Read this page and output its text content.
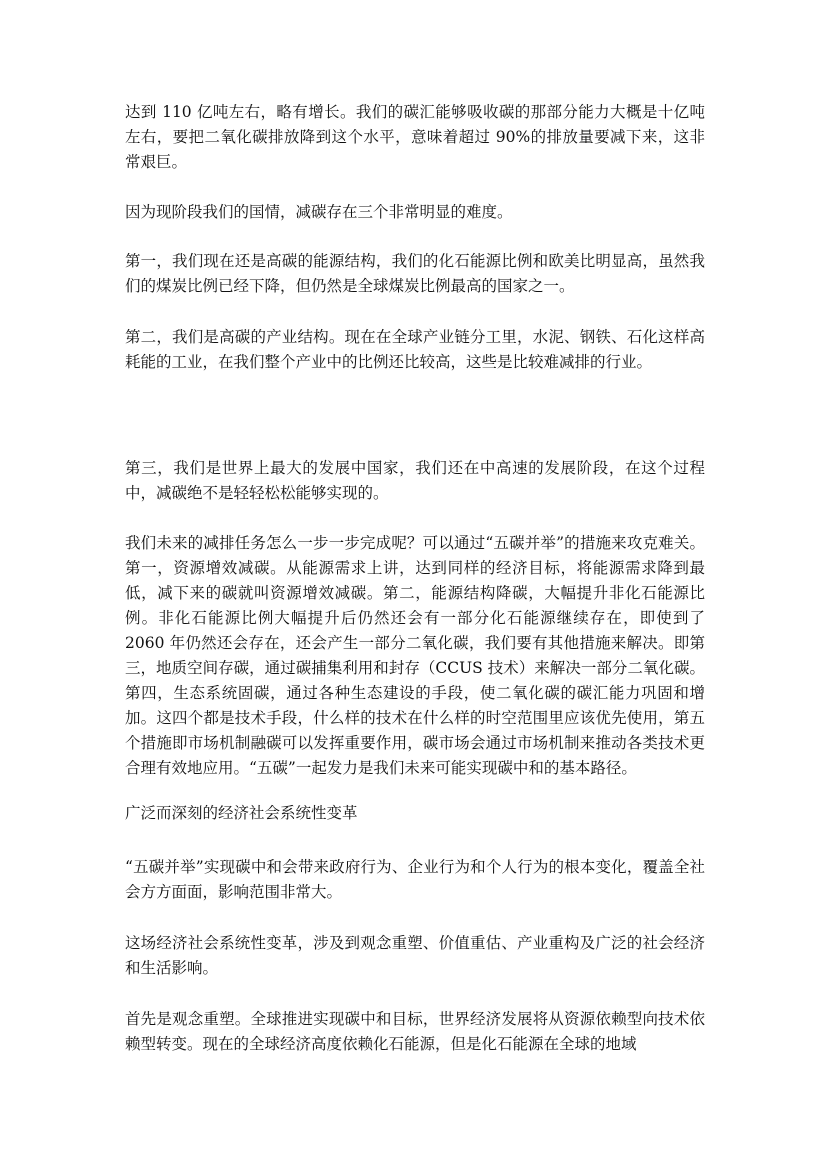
达到 110 亿吨左右，略有增长。我们的碳汇能够吸收碳的那部分能力大概是十亿吨左右，要把二氧化碳排放降到这个水平，意味着超过 90%的排放量要减下来，这非常艰巨。

因为现阶段我们的国情，减碳存在三个非常明显的难度。

第一，我们现在还是高碳的能源结构，我们的化石能源比例和欧美比明显高，虽然我们的煤炭比例已经下降，但仍然是全球煤炭比例最高的国家之一。

第二，我们是高碳的产业结构。现在在全球产业链分工里，水泥、钢铁、石化这样高耗能的工业，在我们整个产业中的比例还比较高，这些是比较难减排的行业。

第三，我们是世界上最大的发展中国家，我们还在中高速的发展阶段，在这个过程中，减碳绝不是轻轻松松能够实现的。

我们未来的减排任务怎么一步一步完成呢？可以通过“五碳并举”的措施来攻克难关。第一，资源增效减碳。从能源需求上讲，达到同样的经济目标，将能源需求降到最低，减下来的碳就叫资源增效减碳。第二，能源结构降碳，大幅提升非化石能源比例。非化石能源比例大幅提升后仍然还会有一部分化石能源继续存在，即使到了 2060 年仍然还会存在，还会产生一部分二氧化碳，我们要有其他措施来解决。即第三，地质空间存碳，通过碳捕集利用和封存（CCUS 技术）来解决一部分二氧化碳。第四，生态系统固碳，通过各种生态建设的手段，使二氧化碳的碳汇能力巩固和增加。这四个都是技术手段，什么样的技术在什么样的时空范围里应该优先使用，第五个措施即市场机制融碳可以发挥重要作用，碳市场会通过市场机制来推动各类技术更合理有效地应用。“五碳”一起发力是我们未来可能实现碳中和的基本路径。

广泛而深刻的经济社会系统性变革

“五碳并举”实现碳中和会带来政府行为、企业行为和个人行为的根本变化，覆盖全社会方方面面，影响范围非常大。

这场经济社会系统性变革，涉及到观念重塑、价值重估、产业重构及广泛的社会经济和生活影响。

首先是观念重塑。全球推进实现碳中和目标，世界经济发展将从资源依赖型向技术依赖型转变。现在的全球经济高度依赖化石能源，但是化石能源在全球的地域
